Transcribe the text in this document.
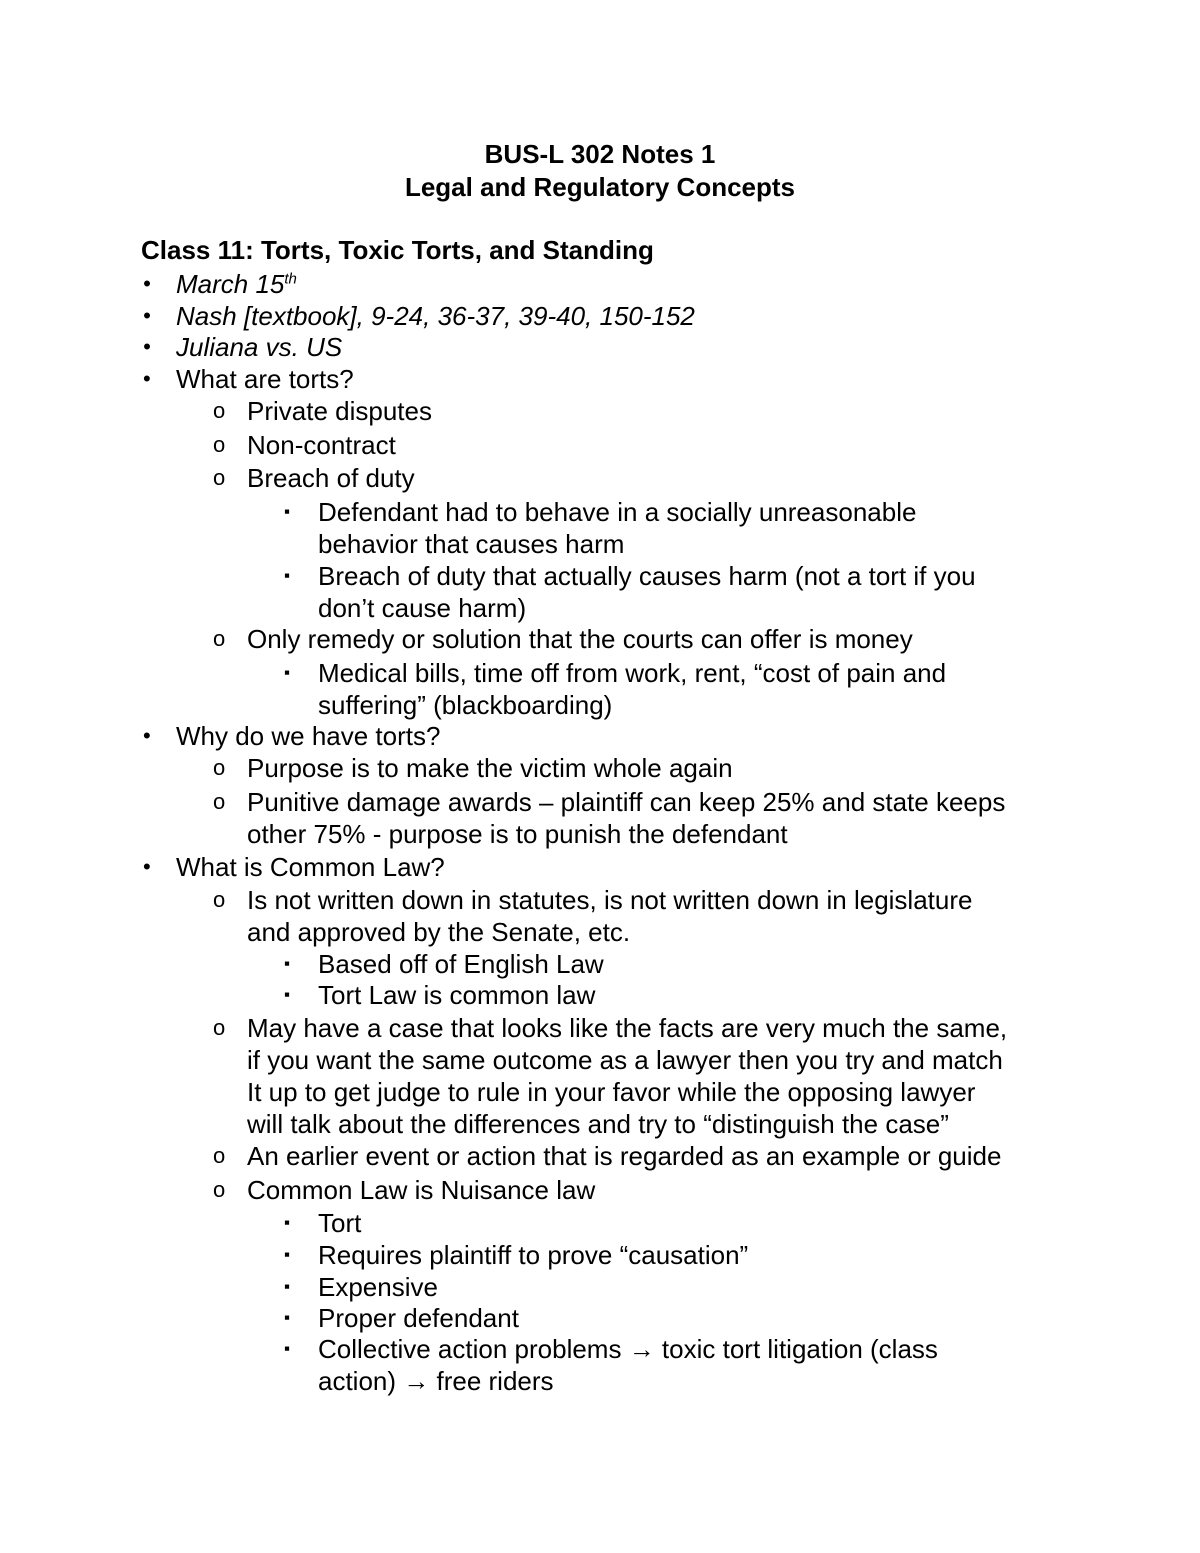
BUS-L 302 Notes 1
Legal and Regulatory Concepts
Class 11: Torts, Toxic Torts, and Standing
• March 15th
• Nash [textbook], 9-24, 36-37, 39-40, 150-152
• Juliana vs. US
• What are torts?
o Private disputes
o Non-contract
o Breach of duty
▪ Defendant had to behave in a socially unreasonable
behavior that causes harm
▪ Breach of duty that actually causes harm (not a tort if you
don’t cause harm)
o Only remedy or solution that the courts can offer is money
▪ Medical bills, time off from work, rent, “cost of pain and
suffering” (blackboarding)
• Why do we have torts?
o Purpose is to make the victim whole again
o Punitive damage awards – plaintiff can keep 25% and state keeps
other 75% - purpose is to punish the defendant
• What is Common Law?
o Is not written down in statutes, is not written down in legislature
and approved by the Senate, etc.
▪ Based off of English Law
▪ Tort Law is common law
o May have a case that looks like the facts are very much the same,
if you want the same outcome as a lawyer then you try and match
It up to get judge to rule in your favor while the opposing lawyer
will talk about the differences and try to “distinguish the case”
o An earlier event or action that is regarded as an example or guide
o Common Law is Nuisance law
▪ Tort
▪ Requires plaintiff to prove “causation”
▪ Expensive
▪ Proper defendant
▪ Collective action problems → toxic tort litigation (class
action) → free riders
